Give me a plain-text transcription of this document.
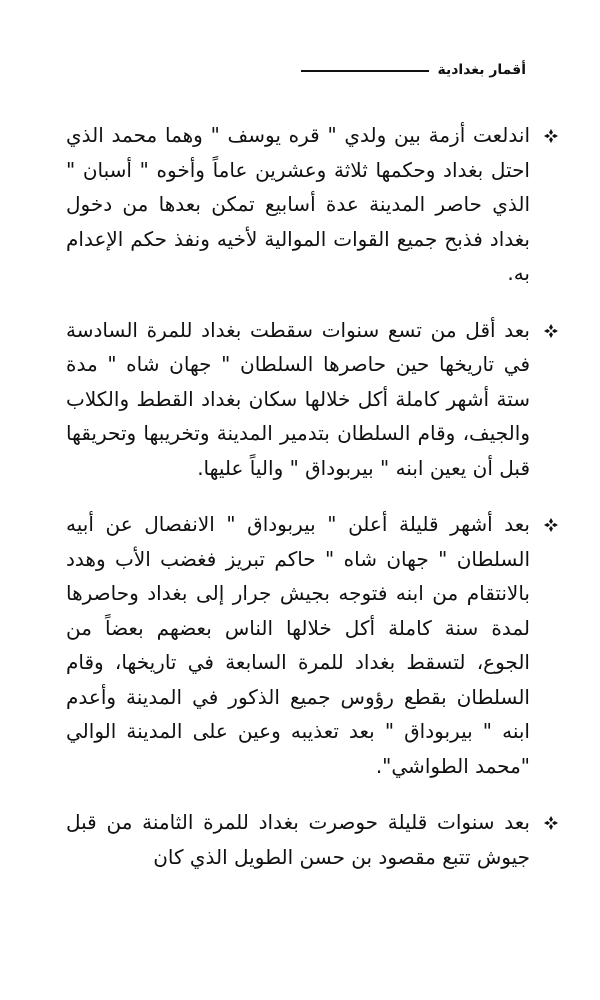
أقمار بغدادية
اندلعت أزمة بين ولدي " قره يوسف " وهما محمد الذي احتل بغداد وحكمها ثلاثة وعشرين عاماً وأخوه " أسبان " الذي حاصر المدينة عدة أسابيع تمكن بعدها من دخول بغداد فذبح جميع القوات الموالية لأخيه ونفذ حكم الإعدام به.
بعد أقل من تسع سنوات سقطت بغداد للمرة السادسة في تاريخها حين حاصرها السلطان " جهان شاه " مدة ستة أشهر كاملة أكل خلالها سكان بغداد القطط والكلاب والجيف، وقام السلطان بتدمير المدينة وتخريبها وتحريقها قبل أن يعين ابنه " بيربوداق " والياً عليها.
بعد أشهر قليلة أعلن " بيربوداق " الانفصال عن أبيه السلطان " جهان شاه " حاكم تبريز فغضب الأب وهدد بالانتقام من ابنه فتوجه بجيش جرار إلى بغداد وحاصرها لمدة سنة كاملة أكل خلالها الناس بعضهم بعضاً من الجوع، لتسقط بغداد للمرة السابعة في تاريخها، وقام السلطان بقطع رؤوس جميع الذكور في المدينة وأعدم ابنه " بيربوداق " بعد تعذيبه وعين على المدينة الوالي "محمد الطواشي".
بعد سنوات قليلة حوصرت بغداد للمرة الثامنة من قبل جيوش تتبع مقصود بن حسن الطويل الذي كان
